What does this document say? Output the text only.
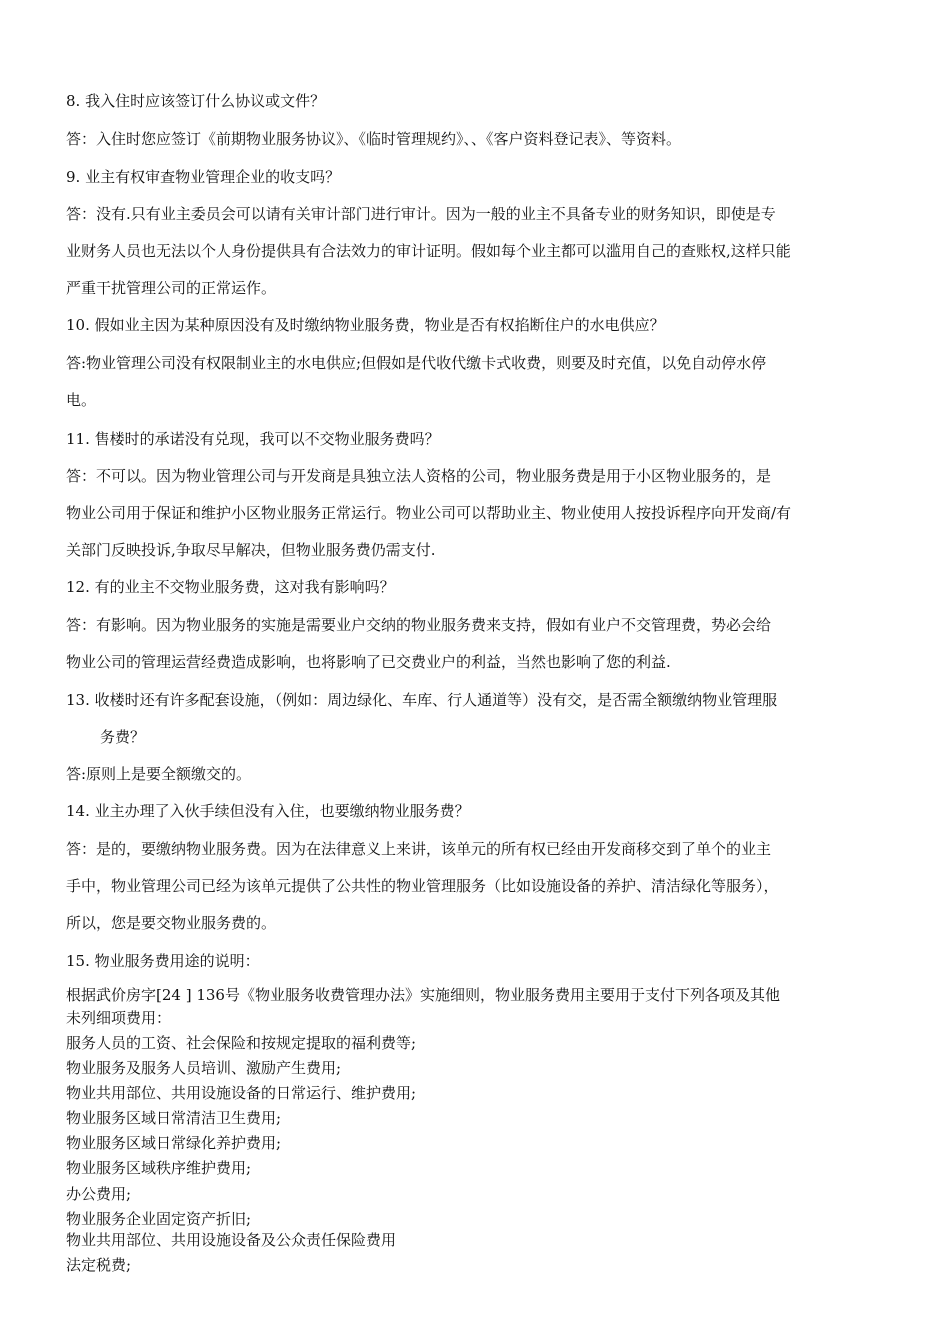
8. 我入住时应该签订什么协议或文件？
答：入住时您应签订《前期物业服务协议》、《临时管理规约》、、《客户资料登记表》、等资料。
9. 业主有权审查物业管理企业的收支吗？
答：没有.只有业主委员会可以请有关审计部门进行审计。因为一般的业主不具备专业的财务知识，即使是专
业财务人员也无法以个人身份提供具有合法效力的审计证明。假如每个业主都可以滥用自己的查账权,这样只能
严重干扰管理公司的正常运作。
10. 假如业主因为某种原因没有及时缴纳物业服务费，物业是否有权掐断住户的水电供应？
答:物业管理公司没有权限制业主的水电供应;但假如是代收代缴卡式收费，则要及时充值，以免自动停水停
电。
11. 售楼时的承诺没有兑现，我可以不交物业服务费吗？
答：不可以。因为物业管理公司与开发商是具独立法人资格的公司，物业服务费是用于小区物业服务的，是
物业公司用于保证和维护小区物业服务正常运行。物业公司可以帮助业主、物业使用人按投诉程序向开发商/有
关部门反映投诉,争取尽早解决，但物业服务费仍需支付.
12. 有的业主不交物业服务费，这对我有影响吗？
答：有影响。因为物业服务的实施是需要业户交纳的物业服务费来支持，假如有业户不交管理费，势必会给
物业公司的管理运营经费造成影响，也将影响了已交费业户的利益，当然也影响了您的利益.
13. 收楼时还有许多配套设施，（例如：周边绿化、车库、行人通道等）没有交，是否需全额缴纳物业管理服
务费？
答:原则上是要全额缴交的。
14. 业主办理了入伙手续但没有入住，也要缴纳物业服务费？
答：是的，要缴纳物业服务费。因为在法律意义上来讲，该单元的所有权已经由开发商移交到了单个的业主
手中，物业管理公司已经为该单元提供了公共性的物业管理服务（比如设施设备的养护、清洁绿化等服务），
所以，您是要交物业服务费的。
15. 物业服务费用途的说明：
根据武价房字[24 ] 136号《物业服务收费管理办法》实施细则，物业服务费用主要用于支付下列各项及其他
未列细项费用：
服务人员的工资、社会保险和按规定提取的福利费等;
物业服务及服务人员培训、激励产生费用;
物业共用部位、共用设施设备的日常运行、维护费用;
物业服务区域日常清洁卫生费用;
物业服务区域日常绿化养护费用;
物业服务区域秩序维护费用;
办公费用;
物业服务企业固定资产折旧;
物业共用部位、共用设施设备及公众责任保险费用
法定税费;
